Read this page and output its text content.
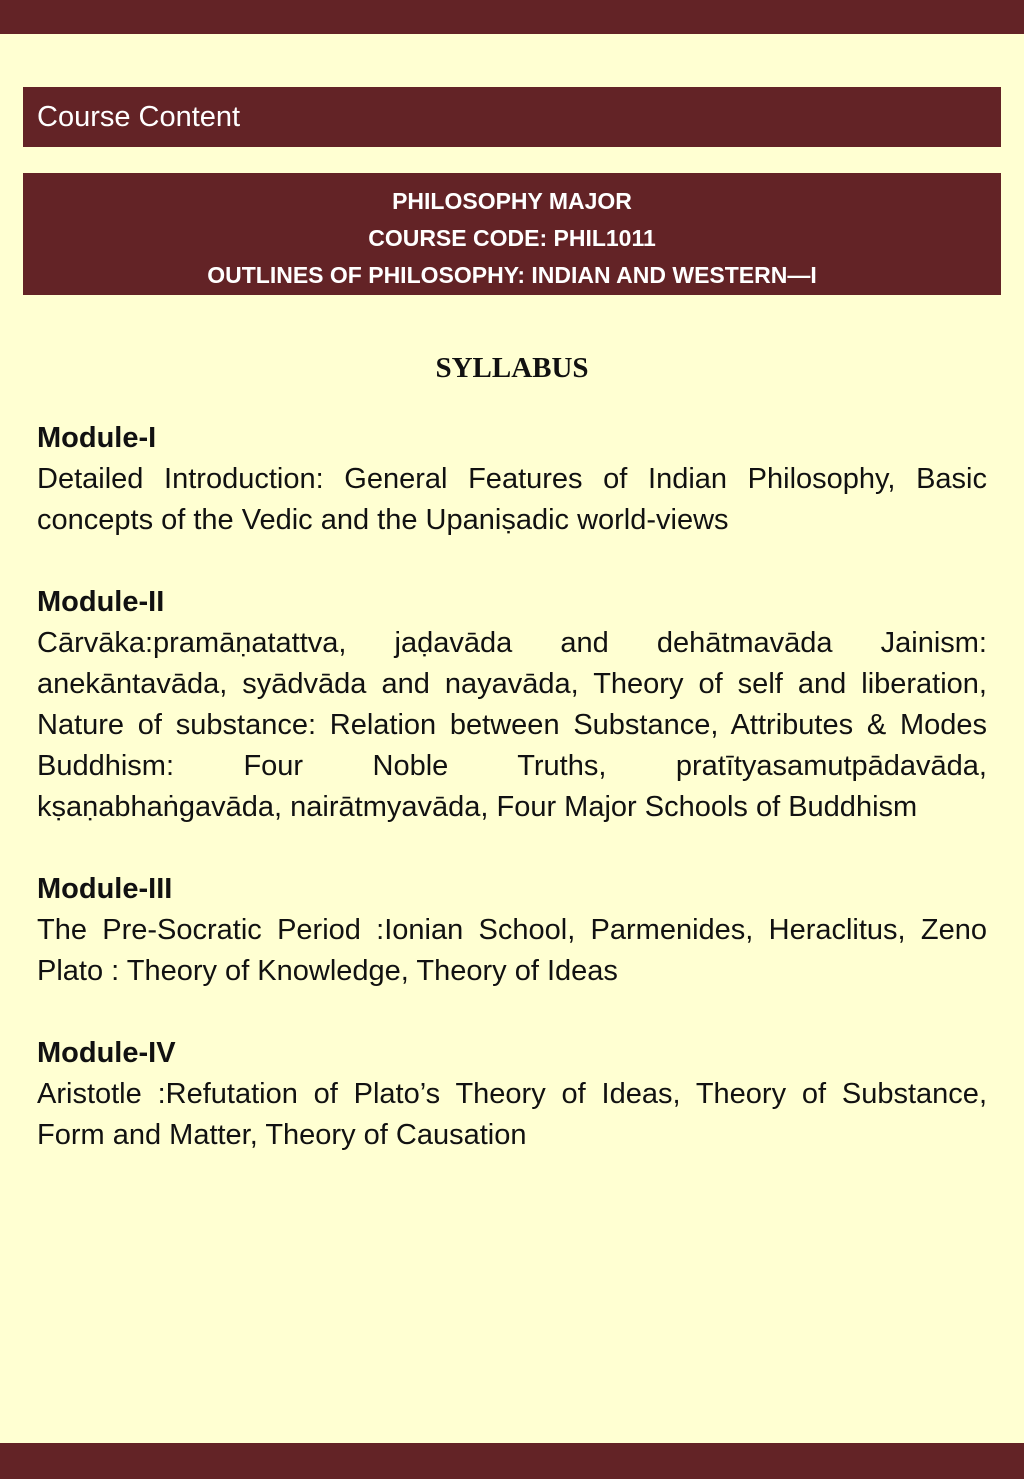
Course Content
PHILOSOPHY MAJOR
COURSE CODE: PHIL1011
OUTLINES OF PHILOSOPHY: INDIAN AND WESTERN—I
SYLLABUS
Module-I
Detailed Introduction: General Features of Indian Philosophy, Basic concepts of the Vedic and the Upaniṣadic world-views
Module-II
Cārvāka:pramāṇatattva, jaḍavāda and dehātmavāda Jainism: anekāntavāda, syādvāda and nayavāda, Theory of self and liberation, Nature of substance: Relation between Substance, Attributes & Modes Buddhism: Four Noble Truths, pratītyasamutpādavāda, kṣaṇabhaṅgavāda, nairātmyavāda, Four Major Schools of Buddhism
Module-III
The Pre-Socratic Period :Ionian School, Parmenides, Heraclitus, Zeno Plato : Theory of Knowledge, Theory of Ideas
Module-IV
Aristotle :Refutation of Plato’s Theory of Ideas, Theory of Substance, Form and Matter, Theory of Causation
